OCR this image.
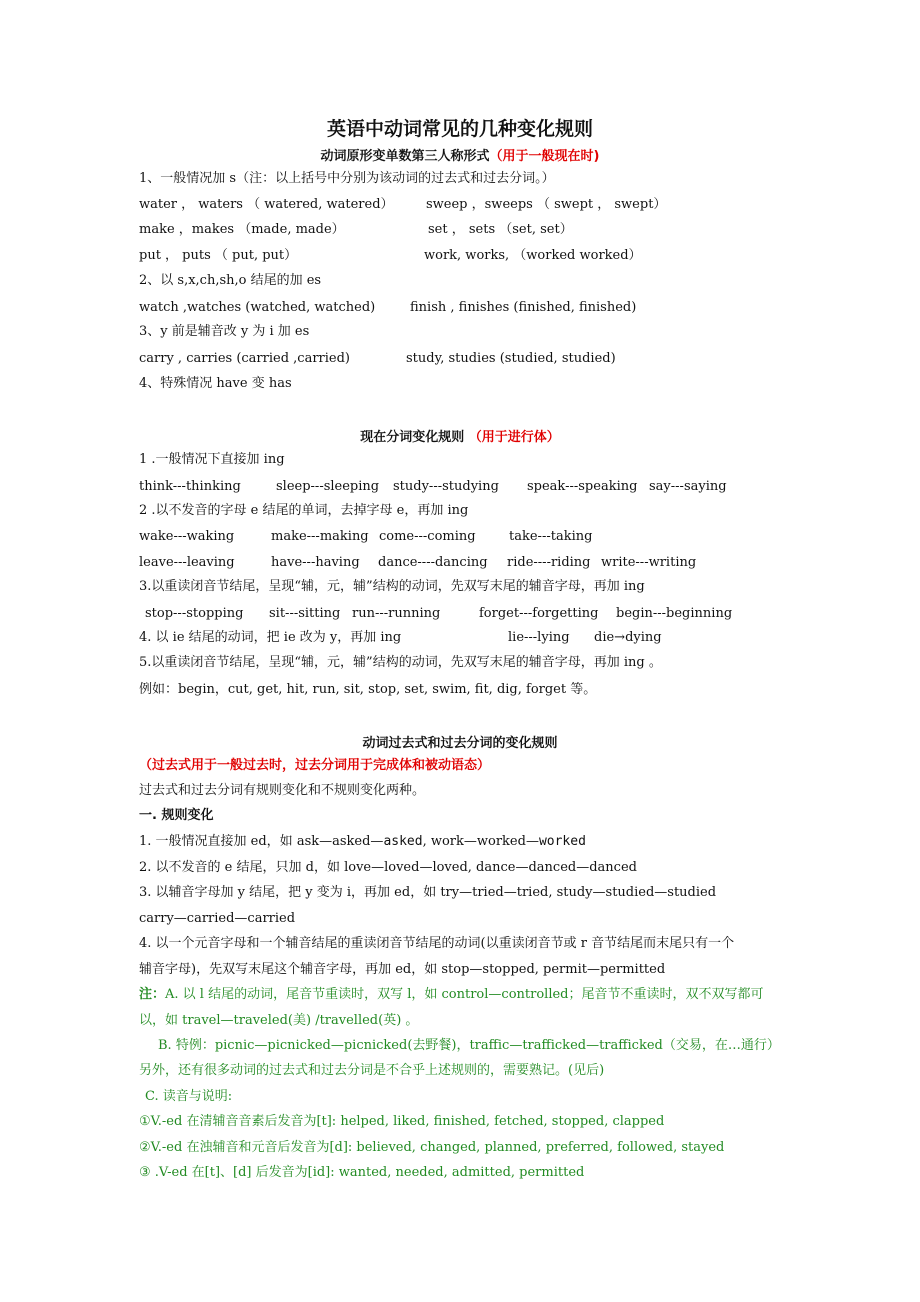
英语中动词常见的几种变化规则
动词原形变单数第三人称形式（用于一般现在时)
1、一般情况加 s（注：以上括号中分别为该动词的过去式和过去分词。）
water ， waters （ watered, watered） sweep ，sweeps （ swept ， swept）
make ，makes （made, made）	set ， sets （set, set）
put ， puts （ put, put）	work, works, （worked worked）
2、以 s,x,ch,sh,o 结尾的加 es
watch ,watches (watched, watched)	finish , finishes (finished, finished)
3、y 前是辅音改 y 为 i 加 es
carry , carries (carried ,carried)	study, studies (studied, studied)
4、特殊情况 have 变 has
现在分词变化规则 （用于进行体）
1 .一般情况下直接加 ing
think---thinking	sleep---sleeping study---studying speak---speaking say---saying
2 .以不发音的字母 e 结尾的单词，去掉字母 e，再加 ing
wake---waking	make---making come---coming	take---taking
leave---leaving	have---having dance----dancing ride----riding write---writing
3.以重读闭音节结尾，呈现“辅，元，辅”结构的动词，先双写末尾的辅音字母，再加 ing
stop---stopping sit---sitting run---running	forget---forgetting begin---beginning
4. 以 ie 结尾的动词，把 ie 改为 y，再加 ing	lie---lying die→dying
5.以重读闭音节结尾，呈现“辅，元，辅”结构的动词，先双写末尾的辅音字母，再加 ing 。
例如：begin，cut, get, hit, run, sit, stop, set, swim, fit, dig, forget 等。
动词过去式和过去分词的变化规则
（过去式用于一般过去时，过去分词用于完成体和被动语态）
过去式和过去分词有规则变化和不规则变化两种。
一. 规则变化
1. 一般情况直接加 ed，如 ask—asked—asked, work—worked—worked
2. 以不发音的 e 结尾，只加 d，如 love—loved—loved, dance—danced—danced
3. 以辅音字母加 y 结尾，把 y 变为 i，再加 ed，如 try—tried—tried, study—studied—studied
carry—carried—carried
4. 以一个元音字母和一个辅音结尾的重读闭音节结尾的动词(以重读闭音节或 r 音节结尾而末尾只有一个
辅音字母)，先双写末尾这个辅音字母，再加 ed，如 stop—stopped, permit—permitted
注：A. 以 l 结尾的动词，尾音节重读时，双写 l，如 control—controlled；尾音节不重读时，双不双写都可
以，如 travel—traveled(美) /travelled(英) 。
B. 特例：picnic—picnicked—picnicked(去野餐)，traffic—trafficked—trafficked（交易，在…通行）
另外，还有很多动词的过去式和过去分词是不合乎上述规则的，需要熟记。(见后)
C. 读音与说明:
①V.-ed 在清辅音音素后发音为[t]: helped, liked, finished, fetched, stopped, clapped
②V.-ed 在浊辅音和元音后发音为[d]: believed, changed, planned, preferred, followed, stayed
③ .V-ed 在[t]、[d] 后发音为[id]: wanted, needed, admitted, permitted
